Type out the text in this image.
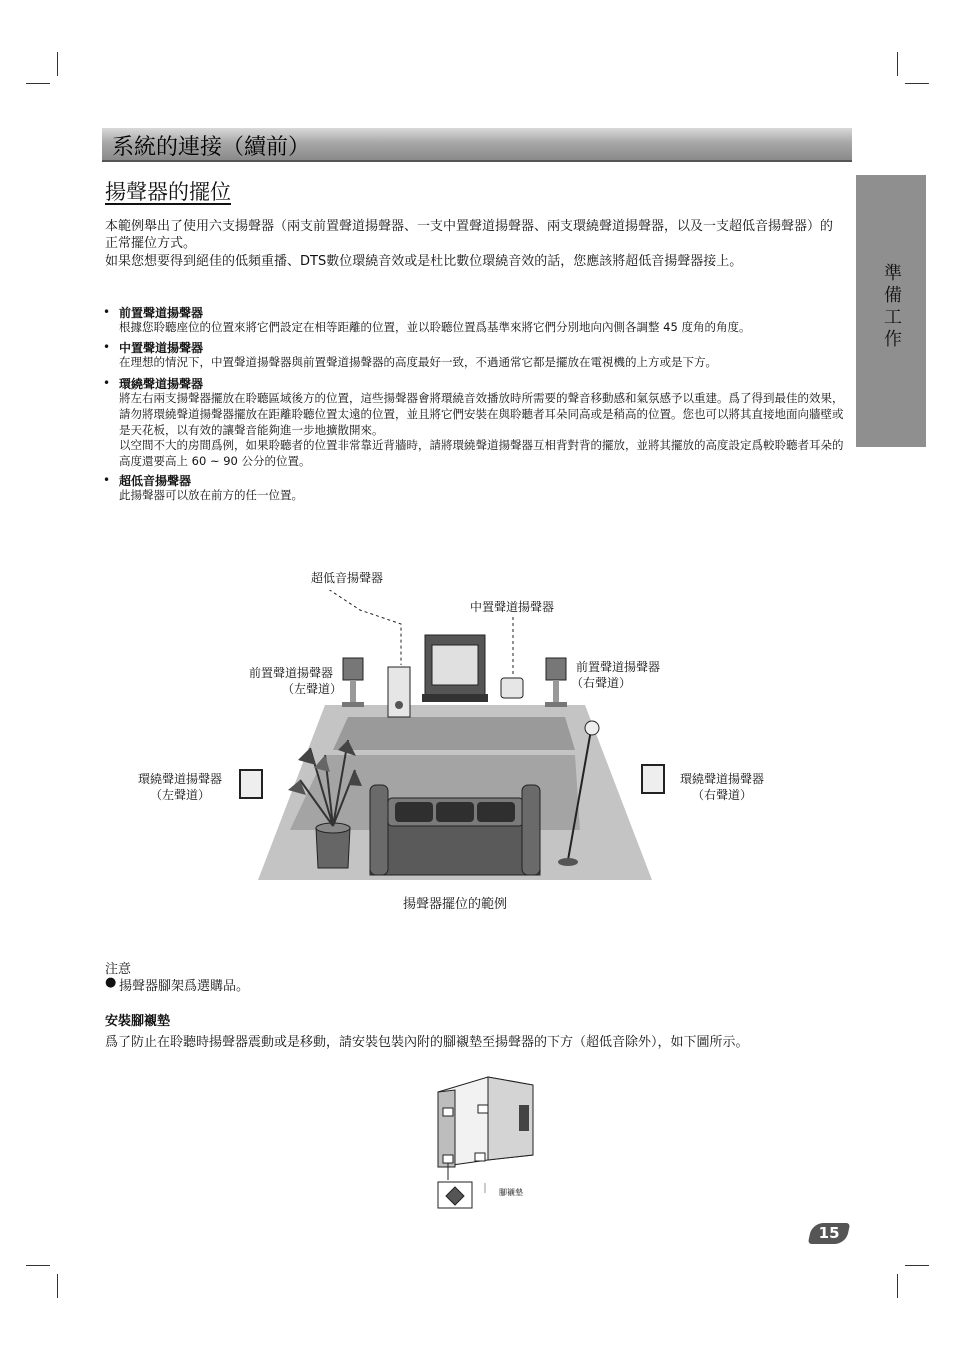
系統的連接（續前）
準備工作
揚聲器的擺位
本範例舉出了使用六支揚聲器（兩支前置聲道揚聲器、一支中置聲道揚聲器、兩支環繞聲道揚聲器，以及一支超低音揚聲器）的正常擺位方式。
如果您想要得到絕佳的低頻重播、DTS數位環繞音效或是杜比數位環繞音效的話，您應該將超低音揚聲器接上。
• 前置聲道揚聲器
根據您聆聽座位的位置來將它們設定在相等距離的位置，並以聆聽位置爲基準來將它們分別地向內側各調整 45 度角的角度。
• 中置聲道揚聲器
在理想的情況下，中置聲道揚聲器與前置聲道揚聲器的高度最好一致，不過通常它都是擺放在電視機的上方或是下方。
• 環繞聲道揚聲器
將左右兩支揚聲器擺放在聆聽區域後方的位置，這些揚聲器會將環繞音效播放時所需要的聲音移動感和氣氛感予以重建。爲了得到最佳的效果，請勿將環繞聲道揚聲器擺放在距離聆聽位置太遠的位置，並且將它們安裝在與聆聽者耳朵同高或是稍高的位置。您也可以將其直接地面向牆壁或是天花板，以有效的讓聲音能夠進一步地擴散開來。
以空間不大的房間爲例，如果聆聽者的位置非常靠近背牆時，請將環繞聲道揚聲器互相背對背的擺放，並將其擺放的高度設定爲較聆聽者耳朵的高度還要高上 60 ~ 90 公分的位置。
• 超低音揚聲器
此揚聲器可以放在前方的任一位置。
超低音揚聲器
中置聲道揚聲器
前置聲道揚聲器
（左聲道）
前置聲道揚聲器
（右聲道）
環繞聲道揚聲器
（左聲道）
環繞聲道揚聲器
（右聲道）
揚聲器擺位的範例
注意
● 揚聲器腳架爲選購品。
安裝腳襯墊
爲了防止在聆聽時揚聲器震動或是移動，請安裝包裝內附的腳襯墊至揚聲器的下方（超低音除外），如下圖所示。
腳襯墊
15
